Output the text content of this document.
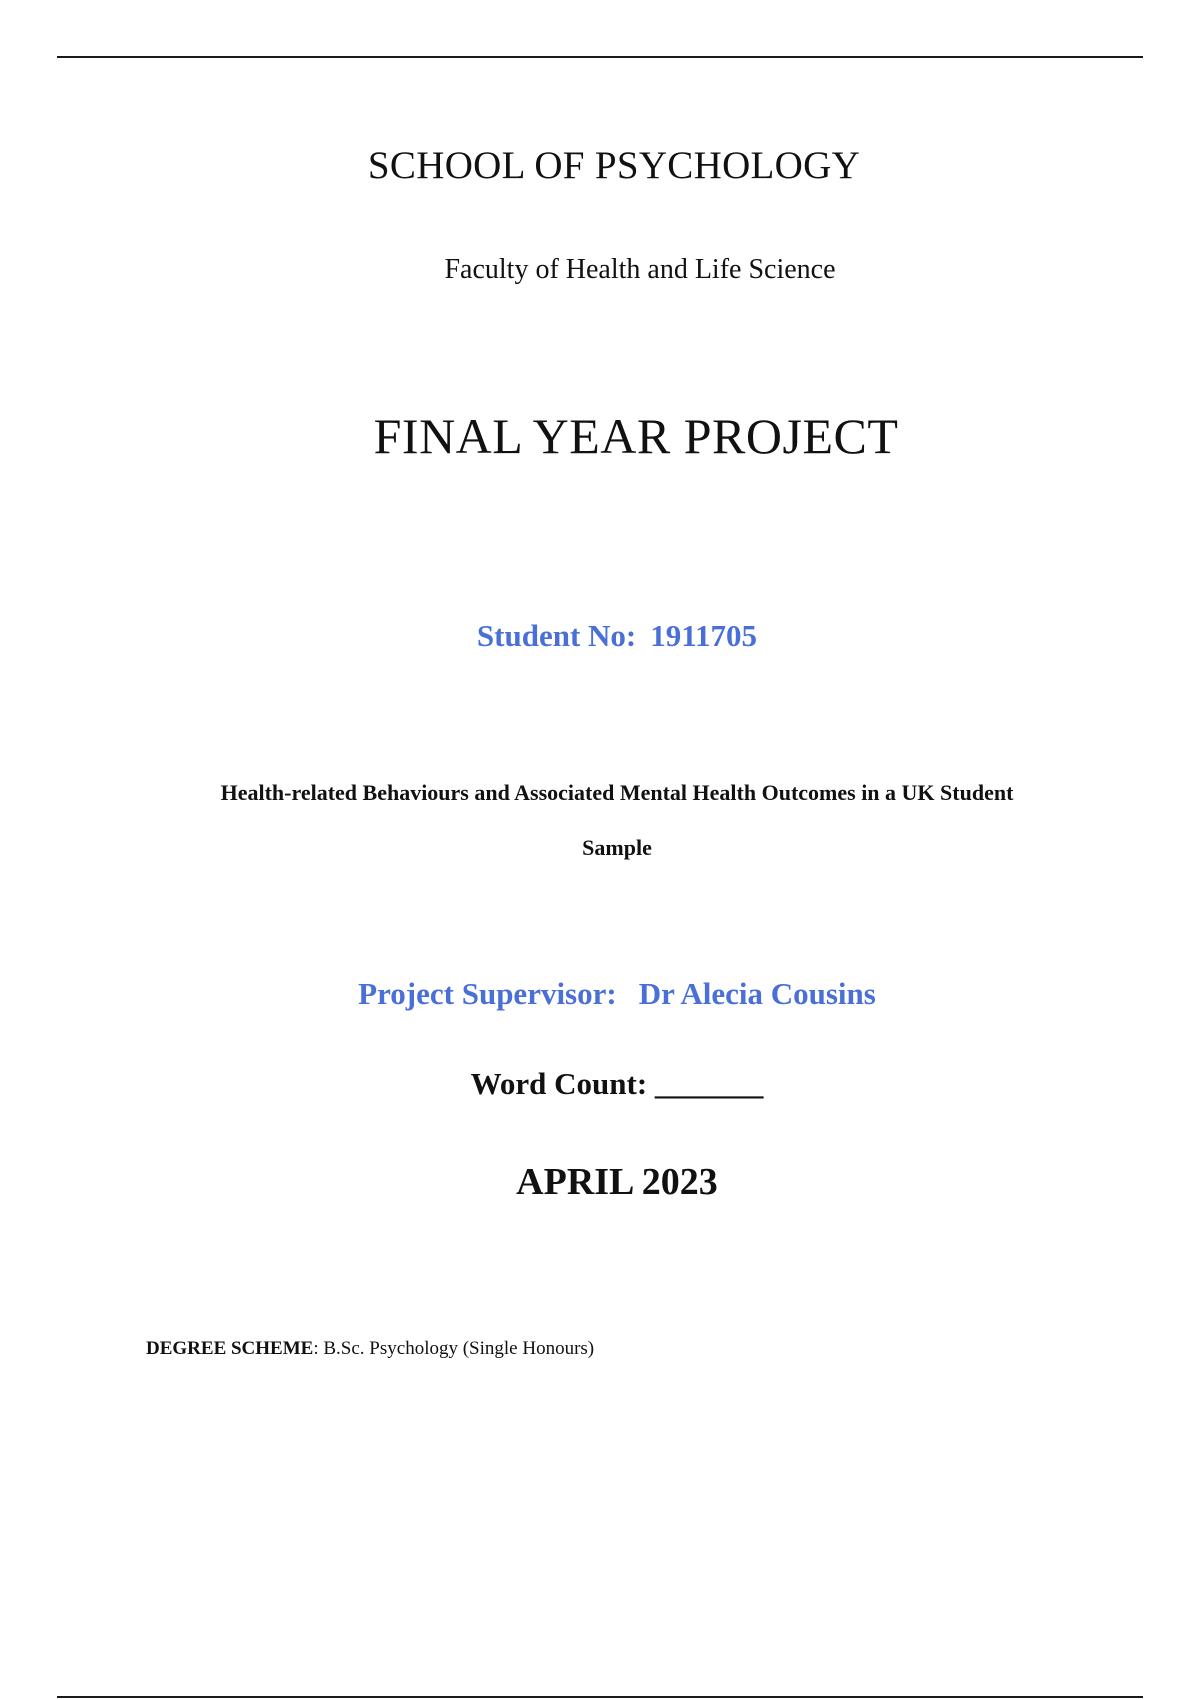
SCHOOL OF PSYCHOLOGY
Faculty of Health and Life Science
FINAL YEAR PROJECT
Student No: 1911705
Health-related Behaviours and Associated Mental Health Outcomes in a UK Student
Sample
Project Supervisor: Dr Alecia Cousins
Word Count: _______
APRIL 2023
DEGREE SCHEME: B.Sc. Psychology (Single Honours)
